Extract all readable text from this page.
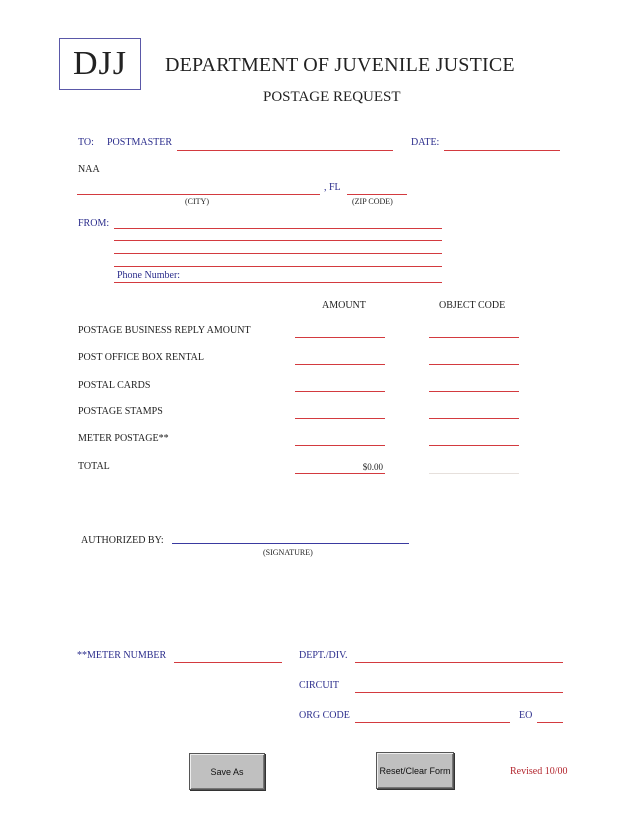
DJJ	DEPARTMENT OF JUVENILE JUSTICE
POSTAGE REQUEST
TO: POSTMASTER	DATE:
NAA
, FL
(CITY)	(ZIP CODE)
FROM:
Phone Number:
AMOUNT	OBJECT CODE
POSTAGE BUSINESS REPLY AMOUNT
POST OFFICE BOX RENTAL
POSTAL CARDS
POSTAGE STAMPS
METER POSTAGE**
TOTAL	$0.00
AUTHORIZED BY:
(SIGNATURE)
**METER NUMBER	DEPT./DIV.
CIRCUIT
ORG CODE	EO
Save As	Reset/Clear Form	Revised 10/00
